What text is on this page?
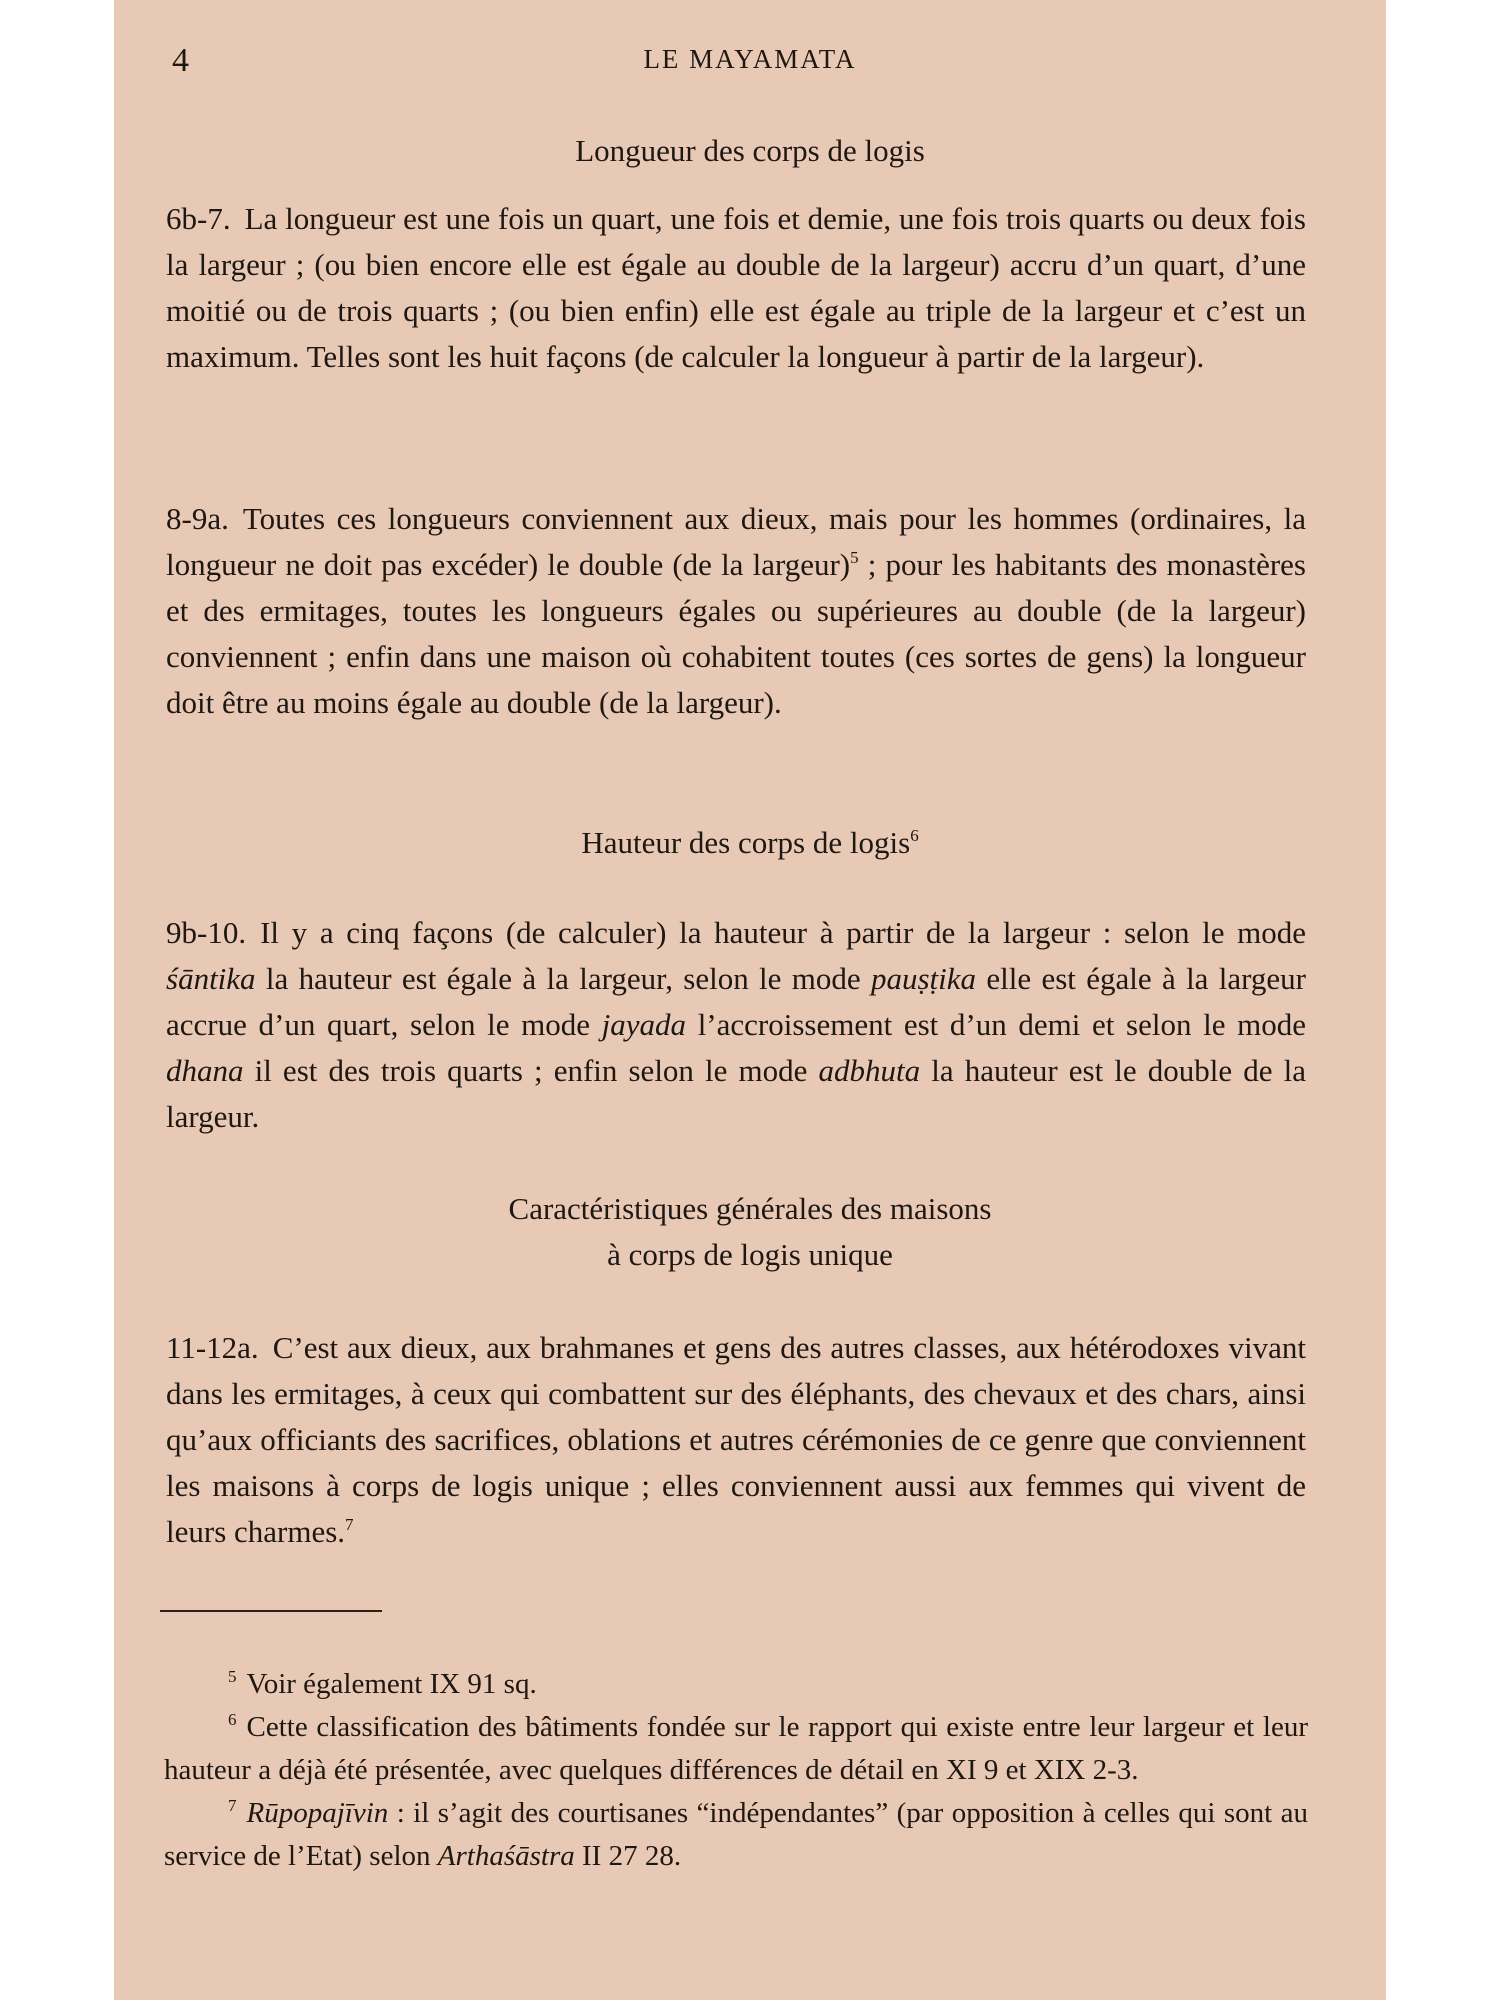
4	LE MAYAMATA
Longueur des corps de logis

6b-7. La longueur est une fois un quart, une fois et demie, une fois trois quarts ou deux fois la largeur ; (ou bien encore elle est égale au double de la largeur) accru d’un quart, d’une moitié ou de trois quarts ; (ou bien enfin) elle est égale au triple de la largeur et c’est un maximum. Telles sont les huit façons (de calculer la longueur à partir de la largeur).

8-9a. Toutes ces longueurs conviennent aux dieux, mais pour les hommes (ordinaires, la longueur ne doit pas excéder) le double (de la largeur)$^5$ ; pour les habitants des monastères et des ermitages, toutes les longueurs égales ou supérieures au double (de la largeur) conviennent ; enfin dans une maison où cohabitent toutes (ces sortes de gens) la longueur doit être au moins égale au double (de la largeur).

Hauteur des corps de logis$^6$

9b-10. Il y a cinq façons (de calculer) la hauteur à partir de la largeur : selon le mode śāntika la hauteur est égale à la largeur, selon le mode pauṣṭika elle est égale à la largeur accrue d’un quart, selon le mode jayada l’accroissement est d’un demi et selon le mode dhana il est des trois quarts ; enfin selon le mode adbhuta la hauteur est le double de la largeur.

Caractéristiques générales des maisons
à corps de logis unique

11-12a. C’est aux dieux, aux brahmanes et gens des autres classes, aux hétérodoxes vivant dans les ermitages, à ceux qui combattent sur des éléphants, des chevaux et des chars, ainsi qu’aux officiants des sacrifices, oblations et autres cérémonies de ce genre que conviennent les maisons à corps de logis unique ; elles conviennent aussi aux femmes qui vivent de leurs charmes.$^7$

$^5$ Voir également IX 91 sq.

$^6$ Cette classification des bâtiments fondée sur le rapport qui existe entre leur largeur et leur hauteur a déjà été présentée, avec quelques différences de détail en XI 9 et XIX 2-3.

$^7$ Rūpopajīvin : il s’agit des courtisanes “indépendantes” (par opposition à celles qui sont au service de l’Etat) selon Arthaśāstra II 27 28.
